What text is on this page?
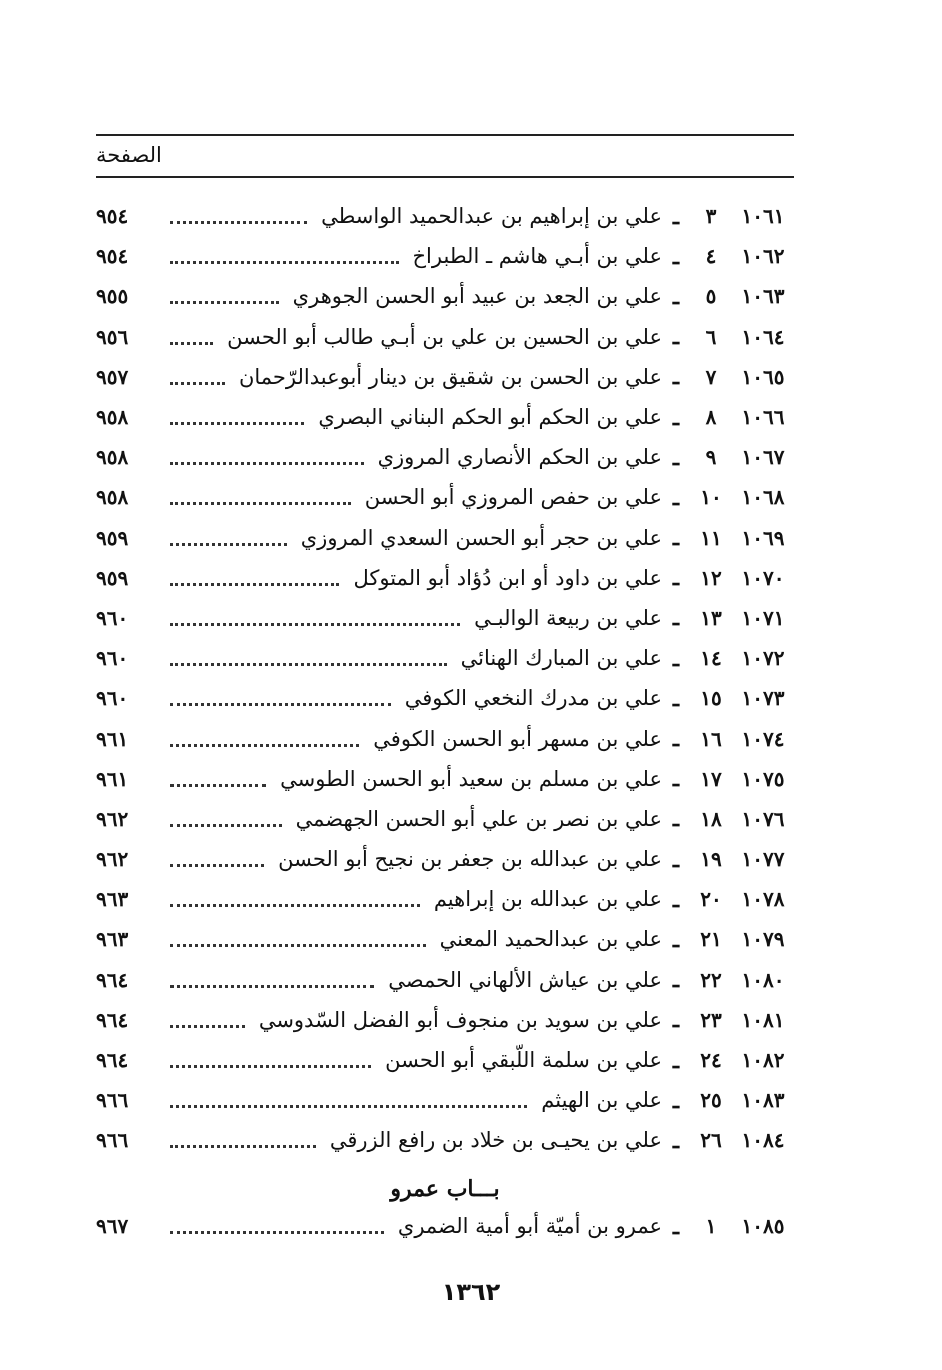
الصفحة
١٠٦١
٣
ـ
علي بن إبراهيم بن عبدالحميد الواسطي
٩٥٤
١٠٦٢
٤
ـ
علي بن أبـي هاشم ـ الطبراخ
٩٥٤
١٠٦٣
٥
ـ
علي بن الجعد بن عبيد أبو الحسن الجوهري
٩٥٥
١٠٦٤
٦
ـ
علي بن الحسين بن علي بن أبـي طالب أبو الحسن
٩٥٦
١٠٦٥
٧
ـ
علي بن الحسن بن شقيق بن دينار أبوعبدالرّحمان
٩٥٧
١٠٦٦
٨
ـ
علي بن الحكم أبو الحكم البناني البصري
٩٥٨
١٠٦٧
٩
ـ
علي بن الحكم الأنصاري المروزي
٩٥٨
١٠٦٨
١٠
ـ
علي بن حفص المروزي أبو الحسن
٩٥٨
١٠٦٩
١١
ـ
علي بن حجر أبو الحسن السعدي المروزي
٩٥٩
١٠٧٠
١٢
ـ
علي بن داود أو ابن دُؤاد أبو المتوكل
٩٥٩
١٠٧١
١٣
ـ
علي بن ربيعة الوالبـي
٩٦٠
١٠٧٢
١٤
ـ
علي بن المبارك الهنائي
٩٦٠
١٠٧٣
١٥
ـ
علي بن مدرك النخعي الكوفي
٩٦٠
١٠٧٤
١٦
ـ
علي بن مسهر أبو الحسن الكوفي
٩٦١
١٠٧٥
١٧
ـ
علي بن مسلم بن سعيد أبو الحسن الطوسي
٩٦١
١٠٧٦
١٨
ـ
علي بن نصر بن علي أبو الحسن الجهضمي
٩٦٢
١٠٧٧
١٩
ـ
علي بن عبدالله بن جعفر بن نجيح أبو الحسن
٩٦٢
١٠٧٨
٢٠
ـ
علي بن عبدالله بن إبراهيم
٩٦٣
١٠٧٩
٢١
ـ
علي بن عبدالحميد المعني
٩٦٣
١٠٨٠
٢٢
ـ
علي بن عياش الألهاني الحمصي
٩٦٤
١٠٨١
٢٣
ـ
علي بن سويد بن منجوف أبو الفضل السّدوسي
٩٦٤
١٠٨٢
٢٤
ـ
علي بن سلمة اللّبقي أبو الحسن
٩٦٤
١٠٨٣
٢٥
ـ
علي بن الهيثم
٩٦٦
١٠٨٤
٢٦
ـ
علي بن يحيـى بن خلاد بن رافع الزرقي
٩٦٦
بـــاب عمرو
١٠٨٥
١
ـ
عمرو بن أميّة أبو أمية الضمري
٩٦٧
١٣٦٢
